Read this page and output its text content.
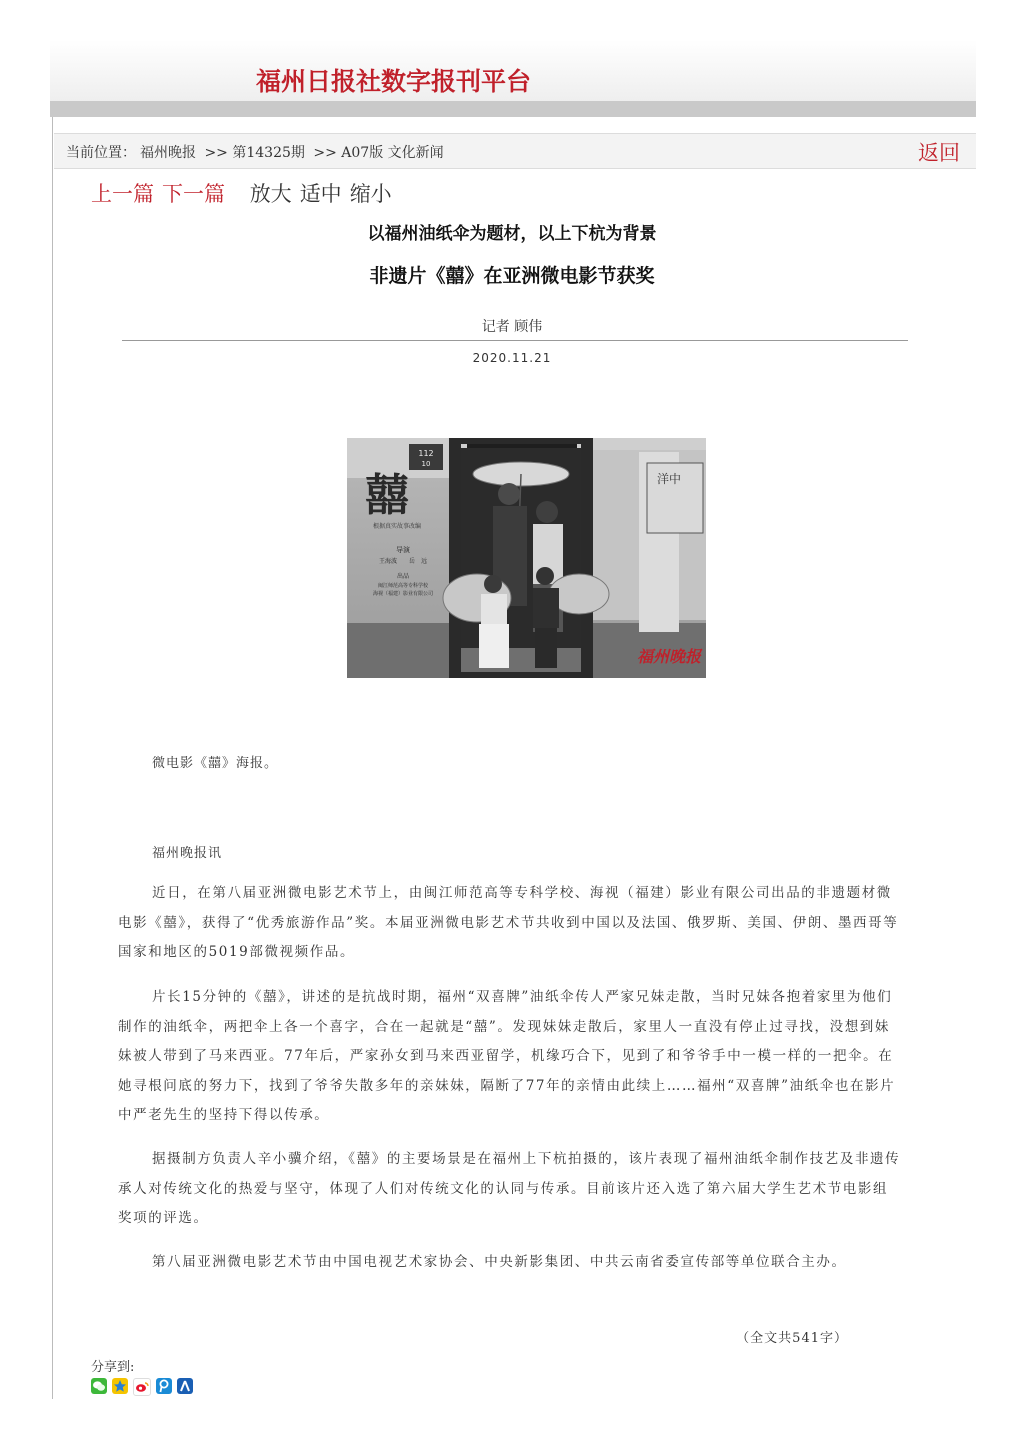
福州日报社数字报刊平台
当前位置： 福州晚报 >> 第14325期 >> A07版 文化新闻	返回
上一篇 下一篇 放大 适中 缩小
以福州油纸伞为题材，以上下杭为背景
非遗片《囍》在亚洲微电影节获奖
记者 顾伟
2020.11.21
112
10
洋中
囍
根据真实故事改编
导演
王海波　　岳　远
出品
闽江师范高等专科学校
海视（福建）影业有限公司
福州晚报
微电影《囍》海报。
福州晚报讯

近日，在第八届亚洲微电影艺术节上，由闽江师范高等专科学校、海视（福建）影业有限公司出品的非遗题材微电影《囍》，获得了“优秀旅游作品”奖。本届亚洲微电影艺术节共收到中国以及法国、俄罗斯、美国、伊朗、墨西哥等国家和地区的5019部微视频作品。

片长15分钟的《囍》，讲述的是抗战时期，福州“双喜牌”油纸伞传人严家兄妹走散，当时兄妹各抱着家里为他们制作的油纸伞，两把伞上各一个喜字，合在一起就是“囍”。发现妹妹走散后，家里人一直没有停止过寻找，没想到妹妹被人带到了马来西亚。77年后，严家孙女到马来西亚留学，机缘巧合下，见到了和爷爷手中一模一样的一把伞。在她寻根问底的努力下，找到了爷爷失散多年的亲妹妹，隔断了77年的亲情由此续上……福州“双喜牌”油纸伞也在影片中严老先生的坚持下得以传承。

据摄制方负责人辛小骥介绍，《囍》的主要场景是在福州上下杭拍摄的，该片表现了福州油纸伞制作技艺及非遗传承人对传统文化的热爱与坚守，体现了人们对传统文化的认同与传承。目前该片还入选了第六届大学生艺术节电影组奖项的评选。

第八届亚洲微电影艺术节由中国电视艺术家协会、中央新影集团、中共云南省委宣传部等单位联合主办。

（全文共541字）
分享到:
